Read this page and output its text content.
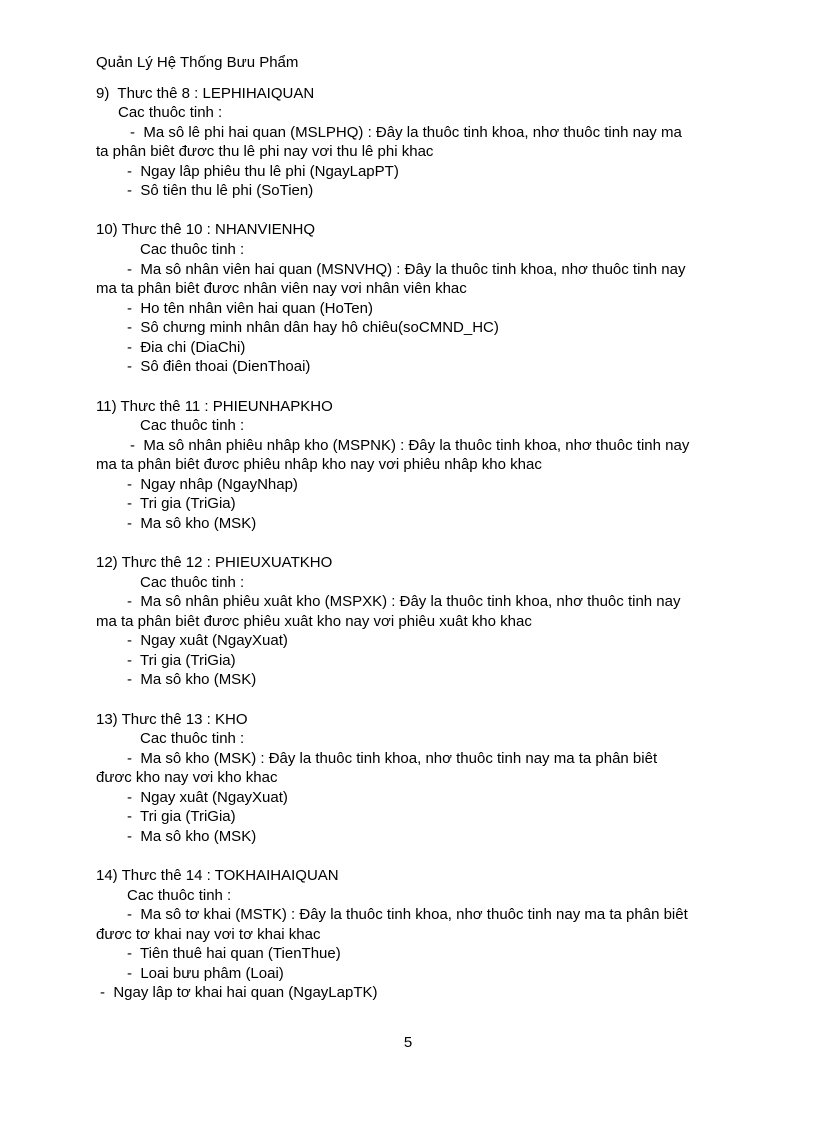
Quản Lý Hệ Thống Bưu Phẩm
9)  Thưc thê 8 : LEPHIHAIQUAN
Cac thuôc tinh :
-  Ma sô lê phi hai quan (MSLPHQ) : Đây la thuôc tinh khoa, nhơ thuôc tinh nay ma
ta phân biêt đươc thu lê phi nay vơi thu lê phi khac
-  Ngay lâp phiêu thu lê phi (NgayLapPT)
-  Sô tiên thu lê phi (SoTien)
10) Thưc thê 10 : NHANVIENHQ
Cac thuôc tinh :
-  Ma sô nhân viên hai quan (MSNVHQ) : Đây la thuôc tinh khoa, nhơ thuôc tinh nay
ma ta phân biêt đươc nhân viên nay vơi nhân viên khac
-  Ho tên nhân viên hai quan (HoTen)
-  Sô chưng minh nhân dân hay hô chiêu(soCMND_HC)
-  Đia chi (DiaChi)
-  Sô điên thoai (DienThoai)
11) Thưc thê 11 : PHIEUNHAPKHO
Cac thuôc tinh :
-  Ma sô nhân phiêu nhâp kho (MSPNK) : Đây la thuôc tinh khoa, nhơ thuôc tinh nay
ma ta phân biêt đươc phiêu nhâp kho nay vơi phiêu nhâp kho khac
-  Ngay nhâp (NgayNhap)
-  Tri gia (TriGia)
-  Ma sô kho (MSK)
12) Thưc thê 12 : PHIEUXUATKHO
Cac thuôc tinh :
-  Ma sô nhân phiêu xuât kho (MSPXK) : Đây la thuôc tinh khoa, nhơ thuôc tinh nay
ma ta phân biêt đươc phiêu xuât kho nay vơi phiêu xuât kho khac
-  Ngay xuât (NgayXuat)
-  Tri gia (TriGia)
-  Ma sô kho (MSK)
13) Thưc thê 13 : KHO
Cac thuôc tinh :
-  Ma sô kho (MSK) : Đây la thuôc tinh khoa, nhơ thuôc tinh nay ma ta phân biêt
đươc kho nay vơi kho khac
-  Ngay xuât (NgayXuat)
-  Tri gia (TriGia)
-  Ma sô kho (MSK)
14) Thưc thê 14 : TOKHAIHAIQUAN
Cac thuôc tinh :
-  Ma sô tơ khai (MSTK) : Đây la thuôc tinh khoa, nhơ thuôc tinh nay ma ta phân biêt
đươc tơ khai nay vơi tơ khai khac
-  Tiên thuê hai quan (TienThue)
-  Loai bưu phâm (Loai)
-  Ngay lâp tơ khai hai quan (NgayLapTK)
5
